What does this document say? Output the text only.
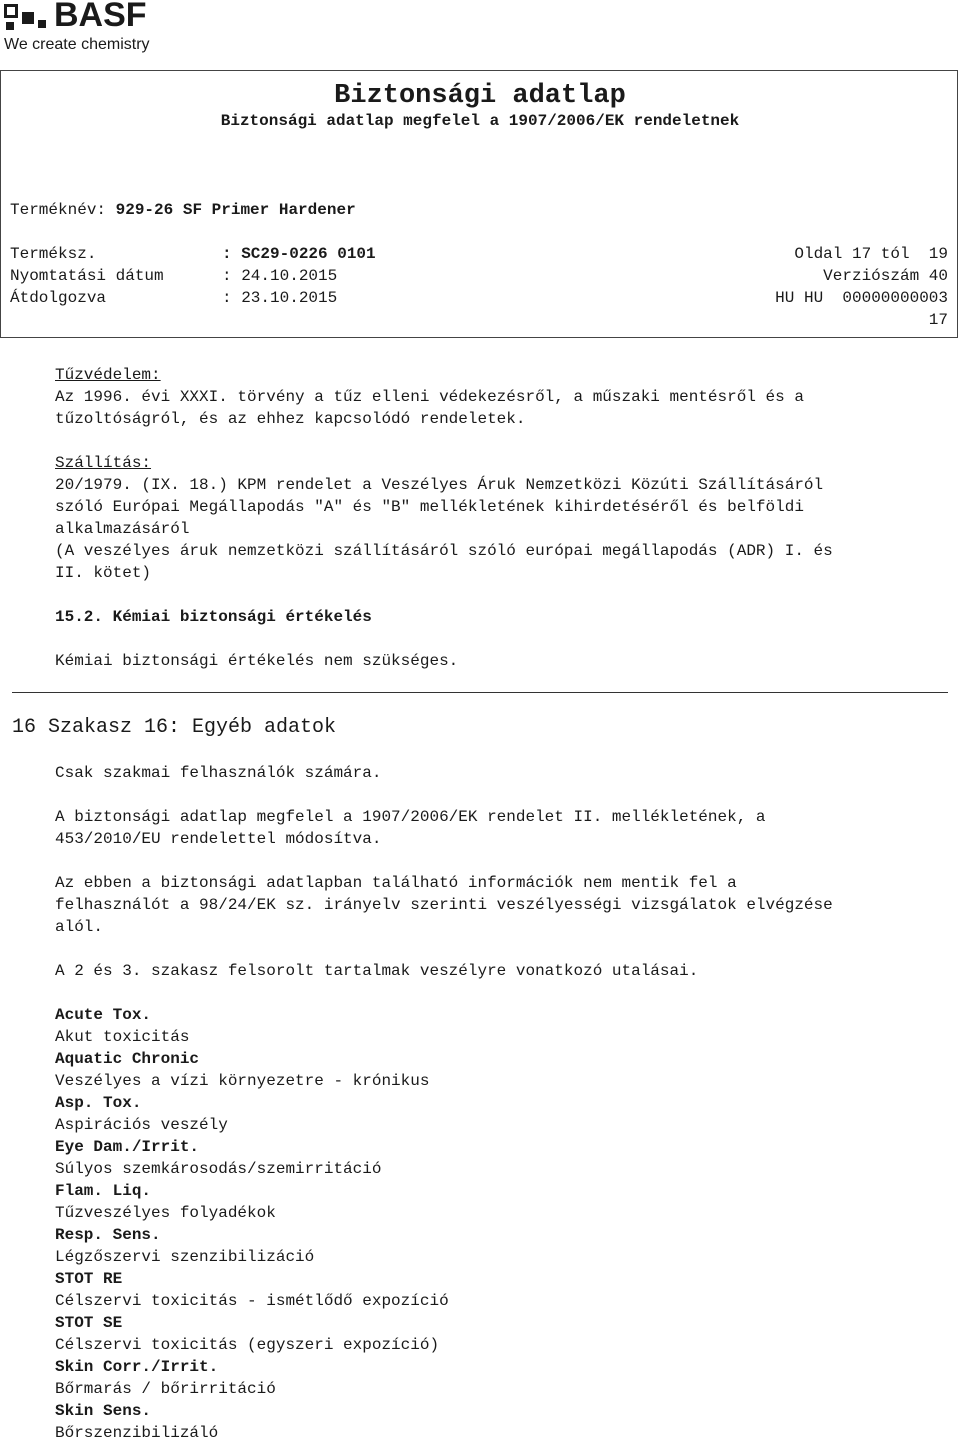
BASF
We create chemistry
Biztonsági adatlap
Biztonsági adatlap megfelel a 1907/2006/EK rendeletnek
Terméknév: 929-26 SF Primer Hardener
Terméksz.	: SC29-0226 0101	Oldal 17 tól  19
Nyomtatási dátum	: 24.10.2015	Verziószám 40
Átdolgozva	: 23.10.2015	HU HU  00000000003
17

Tűzvédelem:

Az 1996. évi XXXI. törvény a tűz elleni védekezésről, a műszaki mentésről és a

tűzoltóságról, és az ehhez kapcsolódó rendeletek.

Szállítás:

20/1979. (IX. 18.) KPM rendelet a Veszélyes Áruk Nemzetközi Közúti Szállításáról

szóló Európai Megállapodás "A" és "B" mellékletének kihirdetéséről és belföldi

alkalmazásáról

(A veszélyes áruk nemzetközi szállításáról szóló európai megállapodás (ADR) I. és

II. kötet)

15.2. Kémiai biztonsági értékelés

Kémiai biztonsági értékelés nem szükséges.

16 Szakasz 16: Egyéb adatok

Csak szakmai felhasználók számára.

A biztonsági adatlap megfelel a 1907/2006/EK rendelet II. mellékletének, a

453/2010/EU rendelettel módosítva.

Az ebben a biztonsági adatlapban található információk nem mentik fel a

felhasználót a 98/24/EK sz. irányelv szerinti veszélyességi vizsgálatok elvégzése

alól.

A 2 és 3. szakasz felsorolt tartalmak veszélyre vonatkozó utalásai.

Acute Tox.

Akut toxicitás

Aquatic Chronic

Veszélyes a vízi környezetre - krónikus

Asp. Tox.

Aspirációs veszély

Eye Dam./Irrit.

Súlyos szemkárosodás/szemirritáció

Flam. Liq.

Tűzveszélyes folyadékok

Resp. Sens.

Légzőszervi szenzibilizáció

STOT RE

Célszervi toxicitás - ismétlődő expozíció

STOT SE

Célszervi toxicitás (egyszeri expozíció)

Skin Corr./Irrit.

Bőrmarás / bőrirritáció

Skin Sens.

Bőrszenzibilizáló
